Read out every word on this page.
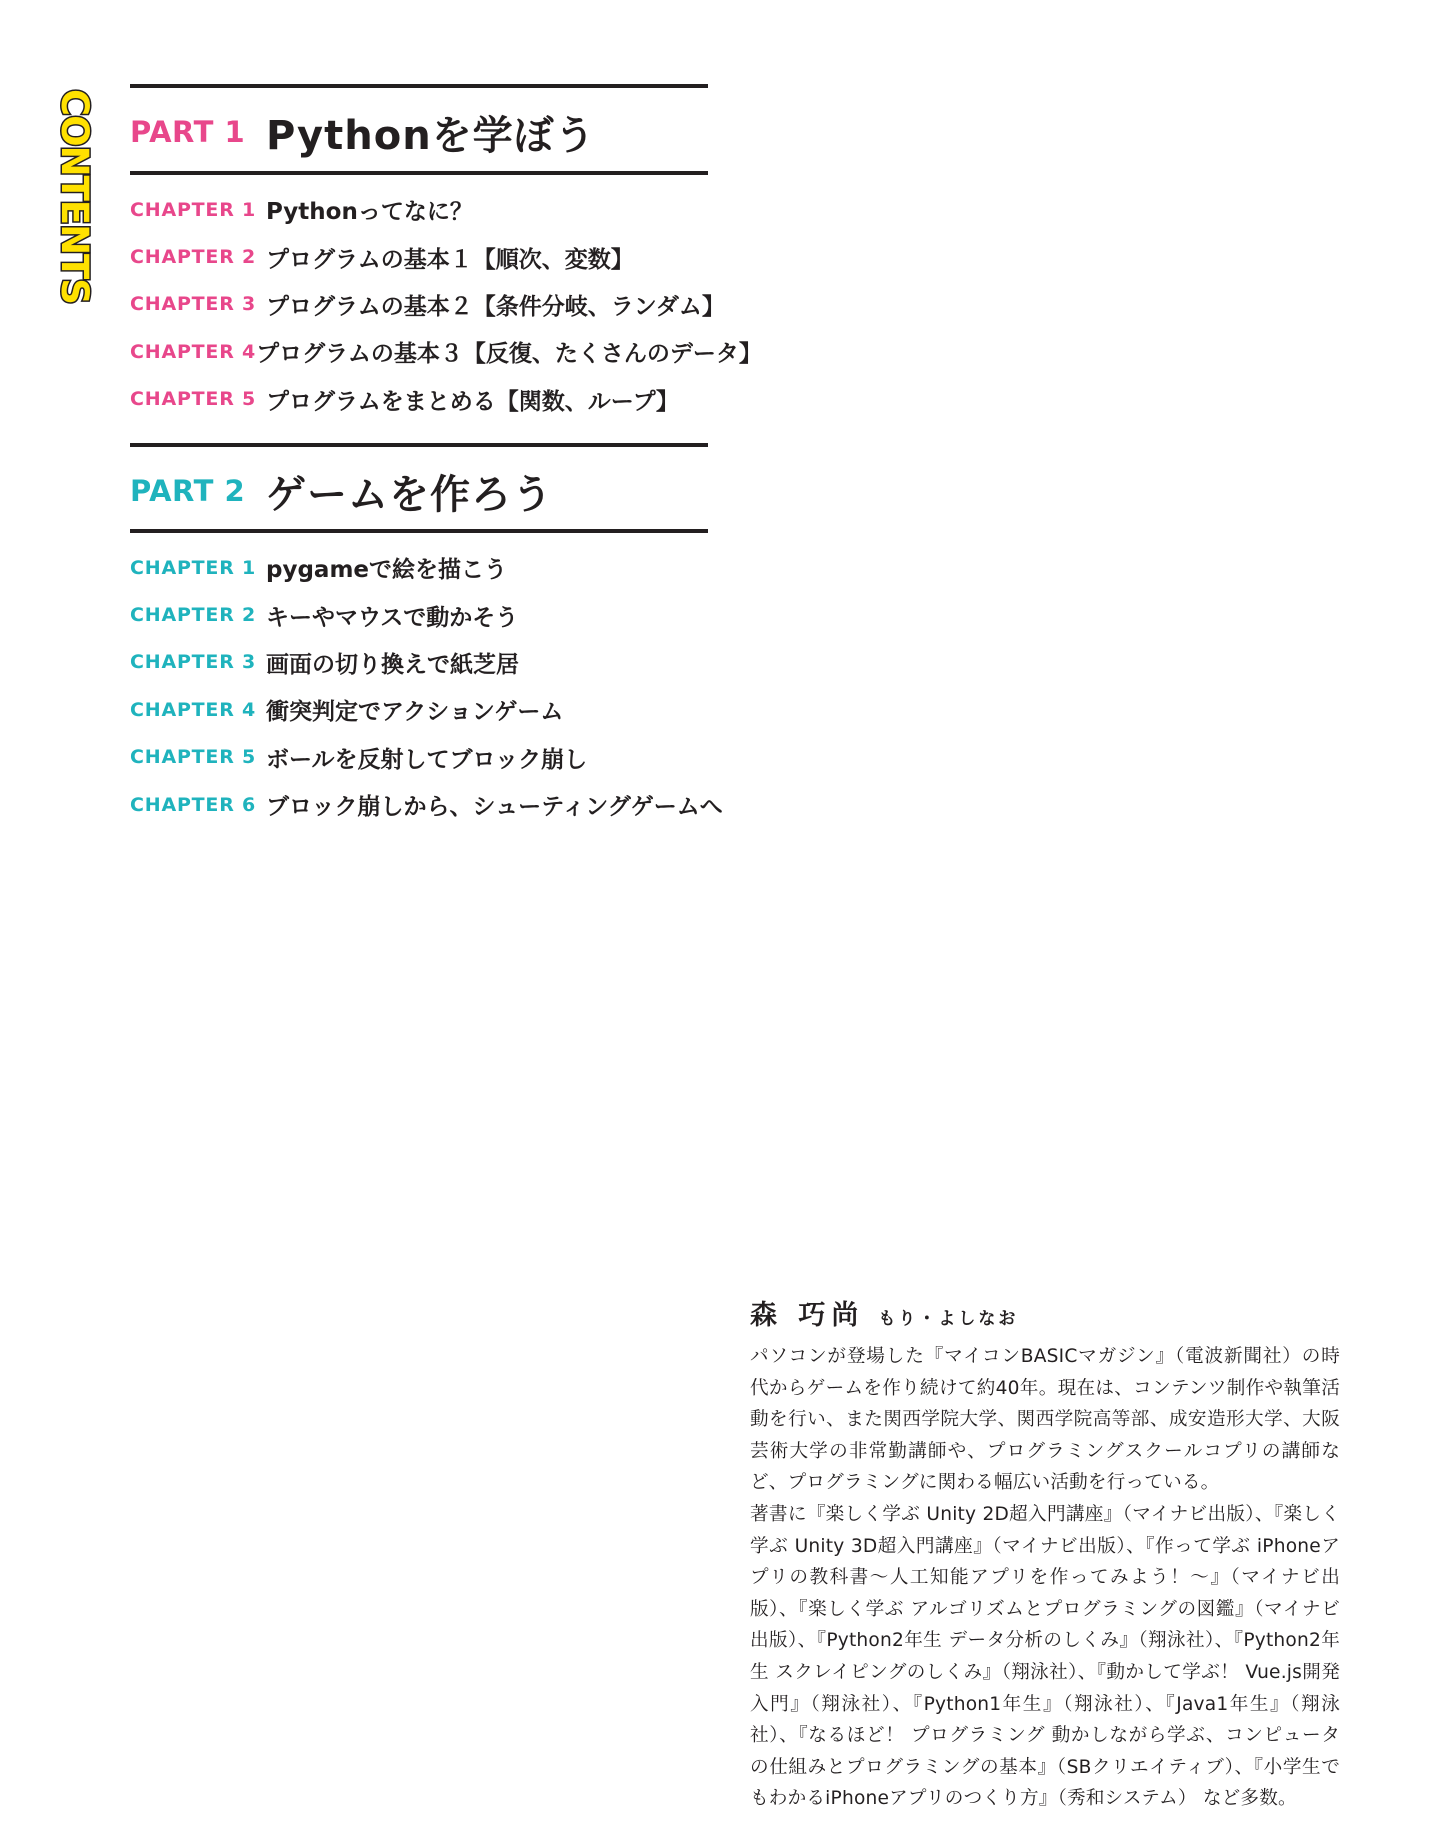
CONTENTS PART 1 Pythonを学ぼう
CHAPTER 1 Pythonってなに？
CHAPTER 2 プログラムの基本１【順次、変数】
CHAPTER 3 プログラムの基本２【条件分岐、ランダム】
CHAPTER 4 プログラムの基本３【反復、たくさんのデータ】
CHAPTER 5 プログラムをまとめる【関数、ループ】
PART 2 ゲームを作ろう
CHAPTER 1 pygameで絵を描こう
CHAPTER 2 キーやマウスで動かそう
CHAPTER 3 画面の切り換えで紙芝居
CHAPTER 4 衝突判定でアクションゲーム
CHAPTER 5 ボールを反射してブロック崩し
CHAPTER 6 ブロック崩しから、シューティングゲームへ
森 巧尚 もり・よしなお
パソコンが登場した『マイコンBASICマガジン』（電波新聞社）の時代からゲームを作り続けて約40年。現在は、コンテンツ制作や執筆活動を行い、また関西学院大学、関西学院高等部、成安造形大学、大阪芸術大学の非常勤講師や、プログラミングスクールコプリの講師など、プログラミングに関わる幅広い活動を行っている。
著書に『楽しく学ぶ Unity 2D超入門講座』（マイナビ出版）、『楽しく学ぶ Unity 3D超入門講座』（マイナビ出版）、『作って学ぶ iPhoneアプリの教科書～人工知能アプリを作ってみよう！～』（マイナビ出版）、『楽しく学ぶ アルゴリズムとプログラミングの図鑑』（マイナビ出版）、『Python2年生 データ分析のしくみ』（翔泳社）、『Python2年生 スクレイピングのしくみ』（翔泳社）、『動かして学ぶ！ Vue.js開発入門』（翔泳社）、『Python1年生』（翔泳社）、『Java1年生』（翔泳社）、『なるほど！ プログラミング 動かしながら学ぶ、コンピュータの仕組みとプログラミングの基本』（SBクリエイティブ）、『小学生でもわかるiPhoneアプリのつくり方』（秀和システム） など多数。
